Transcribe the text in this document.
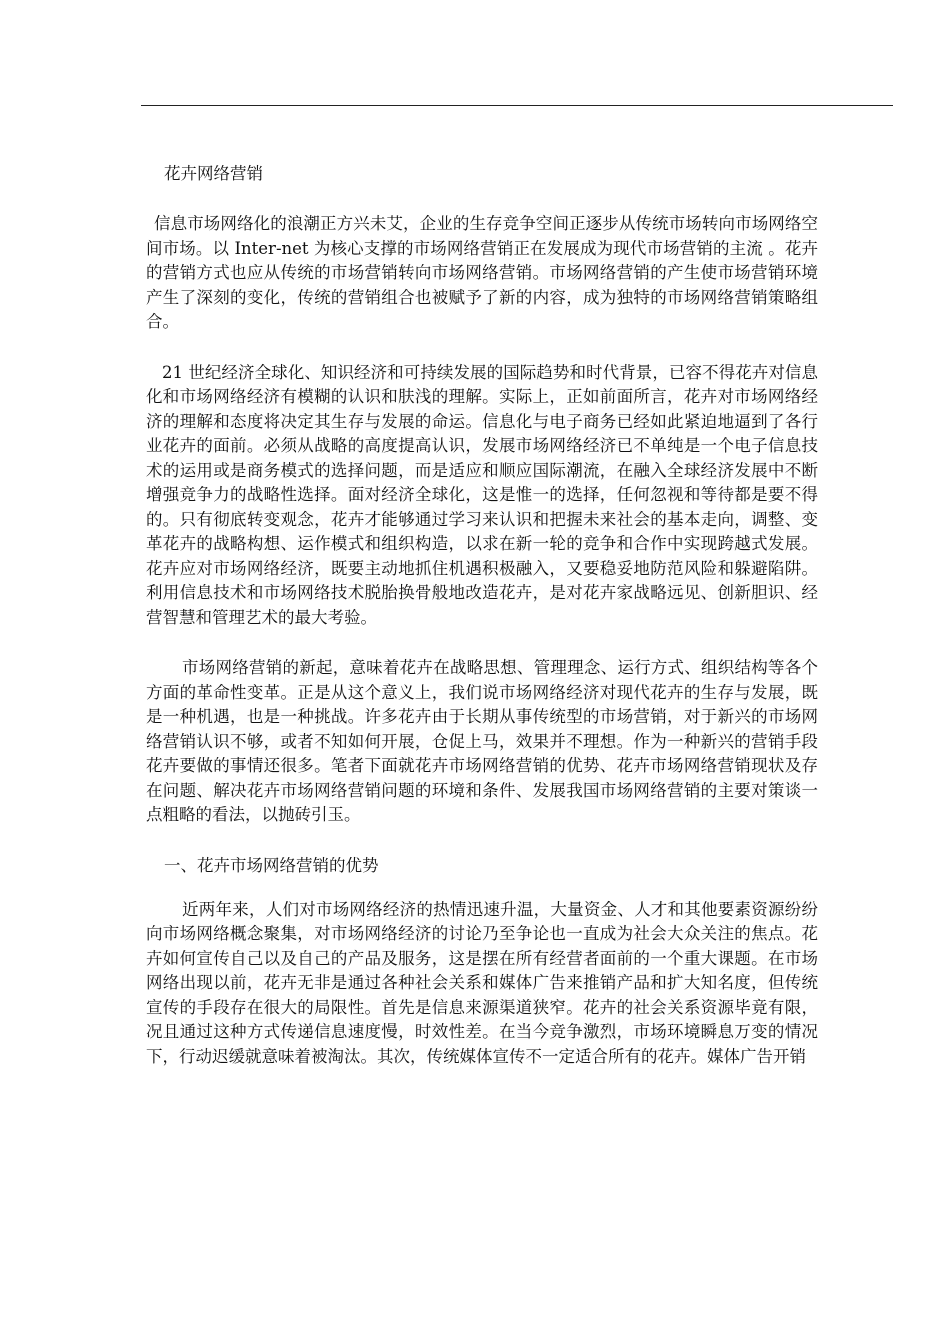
花卉网络营销

信息市场网络化的浪潮正方兴未艾，企业的生存竞争空间正逐步从传统市场转向市场网络空间市场。以 Inter-net 为核心支撑的市场网络营销正在发展成为现代市场营销的主流 。花卉的营销方式也应从传统的市场营销转向市场网络营销。市场网络营销的产生使市场营销环境产生了深刻的变化，传统的营销组合也被赋予了新的内容，成为独特的市场网络营销策略组合。

21 世纪经济全球化、知识经济和可持续发展的国际趋势和时代背景，已容不得花卉对信息化和市场网络经济有模糊的认识和肤浅的理解。实际上，正如前面所言，花卉对市场网络经济的理解和态度将决定其生存与发展的命运。信息化与电子商务已经如此紧迫地逼到了各行业花卉的面前。必须从战略的高度提高认识，发展市场网络经济已不单纯是一个电子信息技术的运用或是商务模式的选择问题，而是适应和顺应国际潮流，在融入全球经济发展中不断增强竞争力的战略性选择。面对经济全球化，这是惟一的选择，任何忽视和等待都是要不得的。只有彻底转变观念，花卉才能够通过学习来认识和把握未来社会的基本走向，调整、变革花卉的战略构想、运作模式和组织构造，以求在新一轮的竞争和合作中实现跨越式发展。花卉应对市场网络经济，既要主动地抓住机遇积极融入，又要稳妥地防范风险和躲避陷阱。利用信息技术和市场网络技术脱胎换骨般地改造花卉，是对花卉家战略远见、创新胆识、经营智慧和管理艺术的最大考验。

市场网络营销的新起，意味着花卉在战略思想、管理理念、运行方式、组织结构等各个方面的革命性变革。正是从这个意义上，我们说市场网络经济对现代花卉的生存与发展，既是一种机遇，也是一种挑战。许多花卉由于长期从事传统型的市场营销，对于新兴的市场网络营销认识不够，或者不知如何开展，仓促上马，效果并不理想。作为一种新兴的营销手段花卉要做的事情还很多。笔者下面就花卉市场网络营销的优势、花卉市场网络营销现状及存在问题、解决花卉市场网络营销问题的环境和条件、发展我国市场网络营销的主要对策谈一点粗略的看法，以抛砖引玉。

一、花卉市场网络营销的优势

近两年来，人们对市场网络经济的热情迅速升温，大量资金、人才和其他要素资源纷纷向市场网络概念聚集，对市场网络经济的讨论乃至争论也一直成为社会大众关注的焦点。花卉如何宣传自己以及自己的产品及服务，这是摆在所有经营者面前的一个重大课题。在市场网络出现以前，花卉无非是通过各种社会关系和媒体广告来推销产品和扩大知名度，但传统宣传的手段存在很大的局限性。首先是信息来源渠道狭窄。花卉的社会关系资源毕竟有限，况且通过这种方式传递信息速度慢，时效性差。在当今竞争激烈，市场环境瞬息万变的情况下，行动迟缓就意味着被淘汰。其次，传统媒体宣传不一定适合所有的花卉。媒体广告开销
